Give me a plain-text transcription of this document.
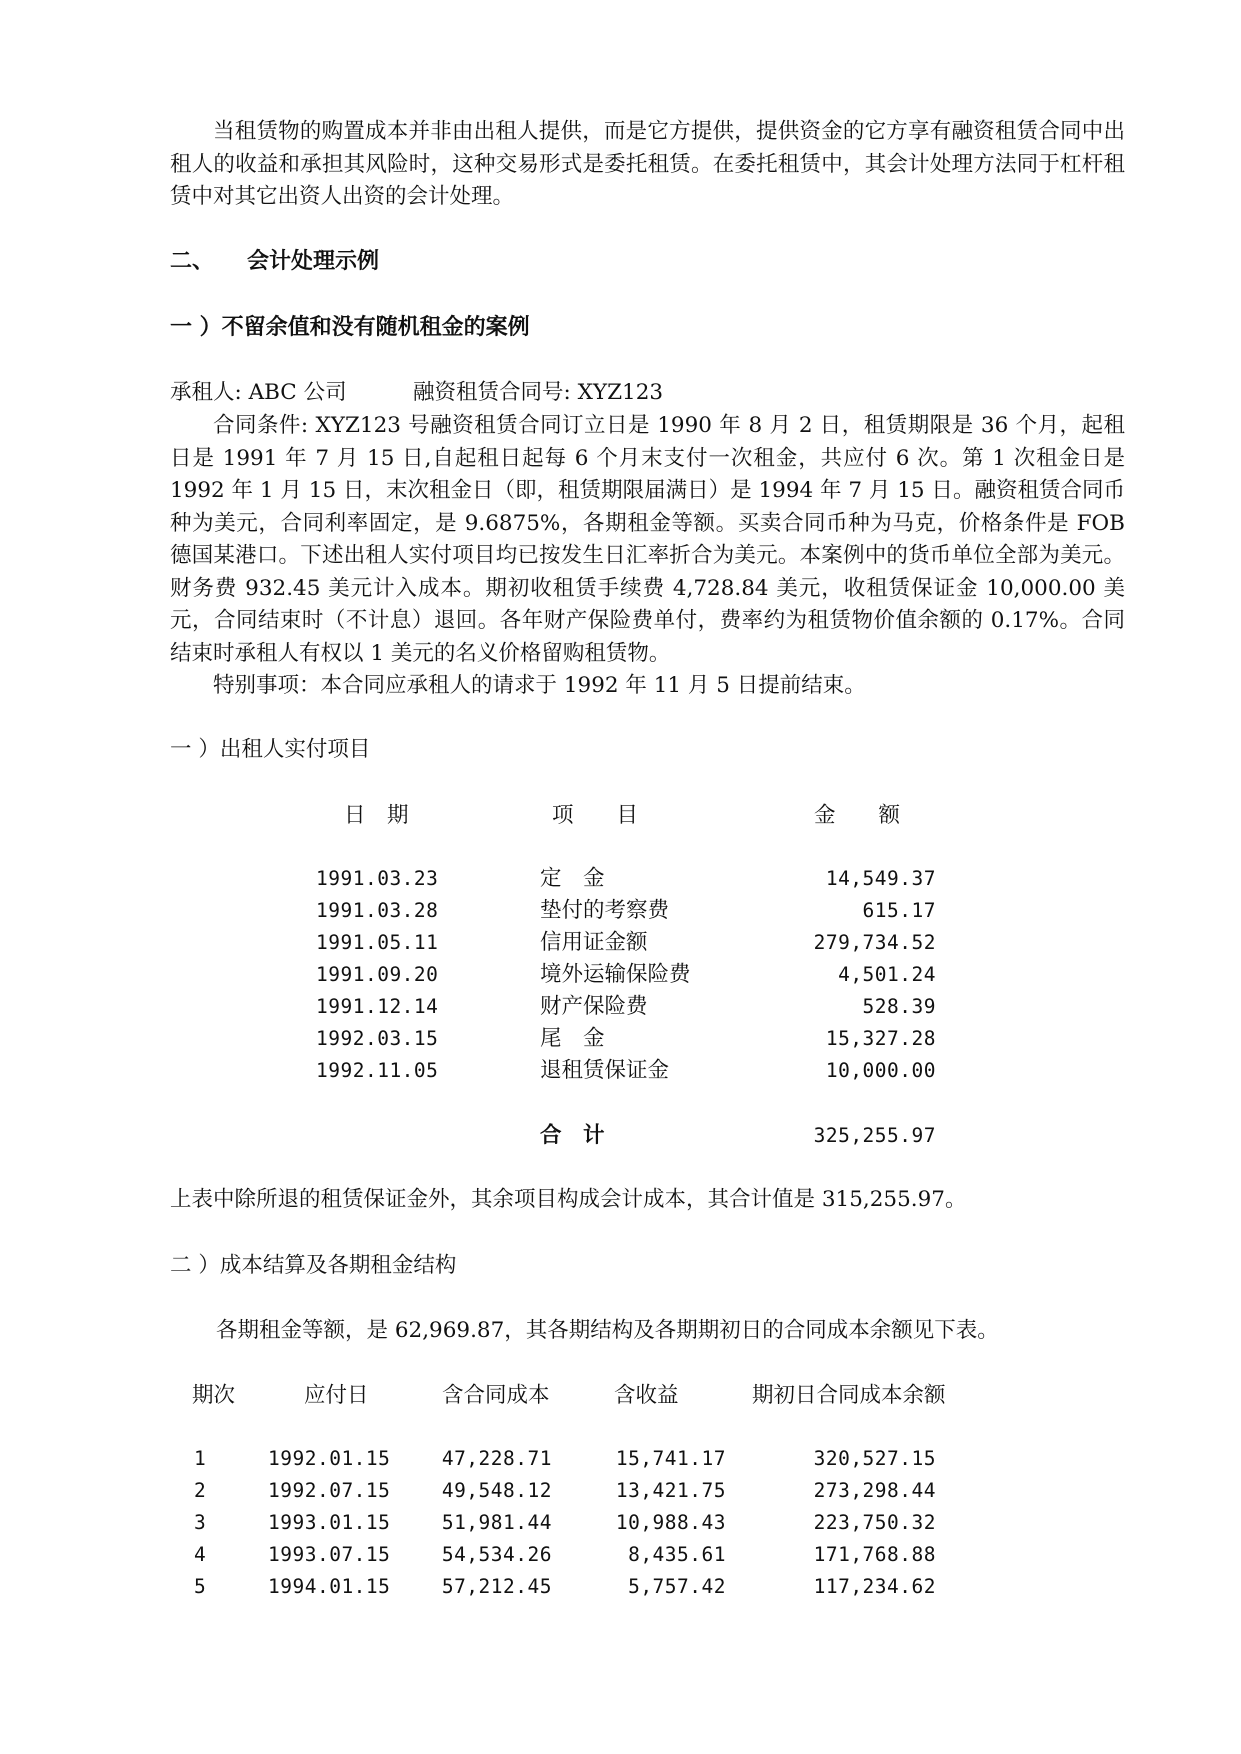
当租赁物的购置成本并非由出租人提供，而是它方提供，提供资金的它方享有融资租赁合同中出租人的收益和承担其风险时，这种交易形式是委托租赁。在委托租赁中，其会计处理方法同于杠杆租赁中对其它出资人出资的会计处理。

二、 会计处理示例

一 ）不留余值和没有随机租金的案例

承租人: ABC 公司	融资租赁合同号: XYZ123

合同条件: XYZ123 号融资租赁合同订立日是 1990 年 8 月 2 日，租赁期限是 36 个月，起租日是 1991 年 7 月 15 日,自起租日起每 6 个月末支付一次租金，共应付 6 次。第 1 次租金日是 1992 年 1 月 15 日，末次租金日（即，租赁期限届满日）是 1994 年 7 月 15 日。融资租赁合同币种为美元，合同利率固定，是 9.6875%，各期租金等额。买卖合同币种为马克，价格条件是 FOB 德国某港口。下述出租人实付项目均已按发生日汇率折合为美元。本案例中的货币单位全部为美元。财务费 932.45 美元计入成本。期初收租赁手续费 4,728.84 美元，收租赁保证金 10,000.00 美元，合同结束时（不计息）退回。各年财产保险费单付，费率约为租赁物价值余额的 0.17%。合同结束时承租人有权以 1 美元的名义价格留购租赁物。

特别事项：本合同应承租人的请求于 1992 年 11 月 5 日提前结束。

一 ）出租人实付项目

日　期	项　　目	金　　额
1991.03.23	定　金	14,549.37
1991.03.28	垫付的考察费	615.17
1991.05.11	信用证金额	279,734.52
1991.09.20	境外运输保险费	4,501.24
1991.12.14	财产保险费	528.39
1992.03.15	尾　金	15,327.28
1992.11.05	退租赁保证金	10,000.00
合　计	325,255.97

上表中除所退的租赁保证金外，其余项目构成会计成本，其合计值是 315,255.97。

二 ）成本结算及各期租金结构

各期租金等额，是 62,969.87，其各期结构及各期期初日的合同成本余额见下表。

期次	应付日	含合同成本	含收益	期初日合同成本余额
1	1992.01.15	47,228.71	15,741.17	320,527.15
2	1992.07.15	49,548.12	13,421.75	273,298.44
3	1993.01.15	51,981.44	10,988.43	223,750.32
4	1993.07.15	54,534.26	8,435.61	171,768.88
5	1994.01.15	57,212.45	5,757.42	117,234.62
